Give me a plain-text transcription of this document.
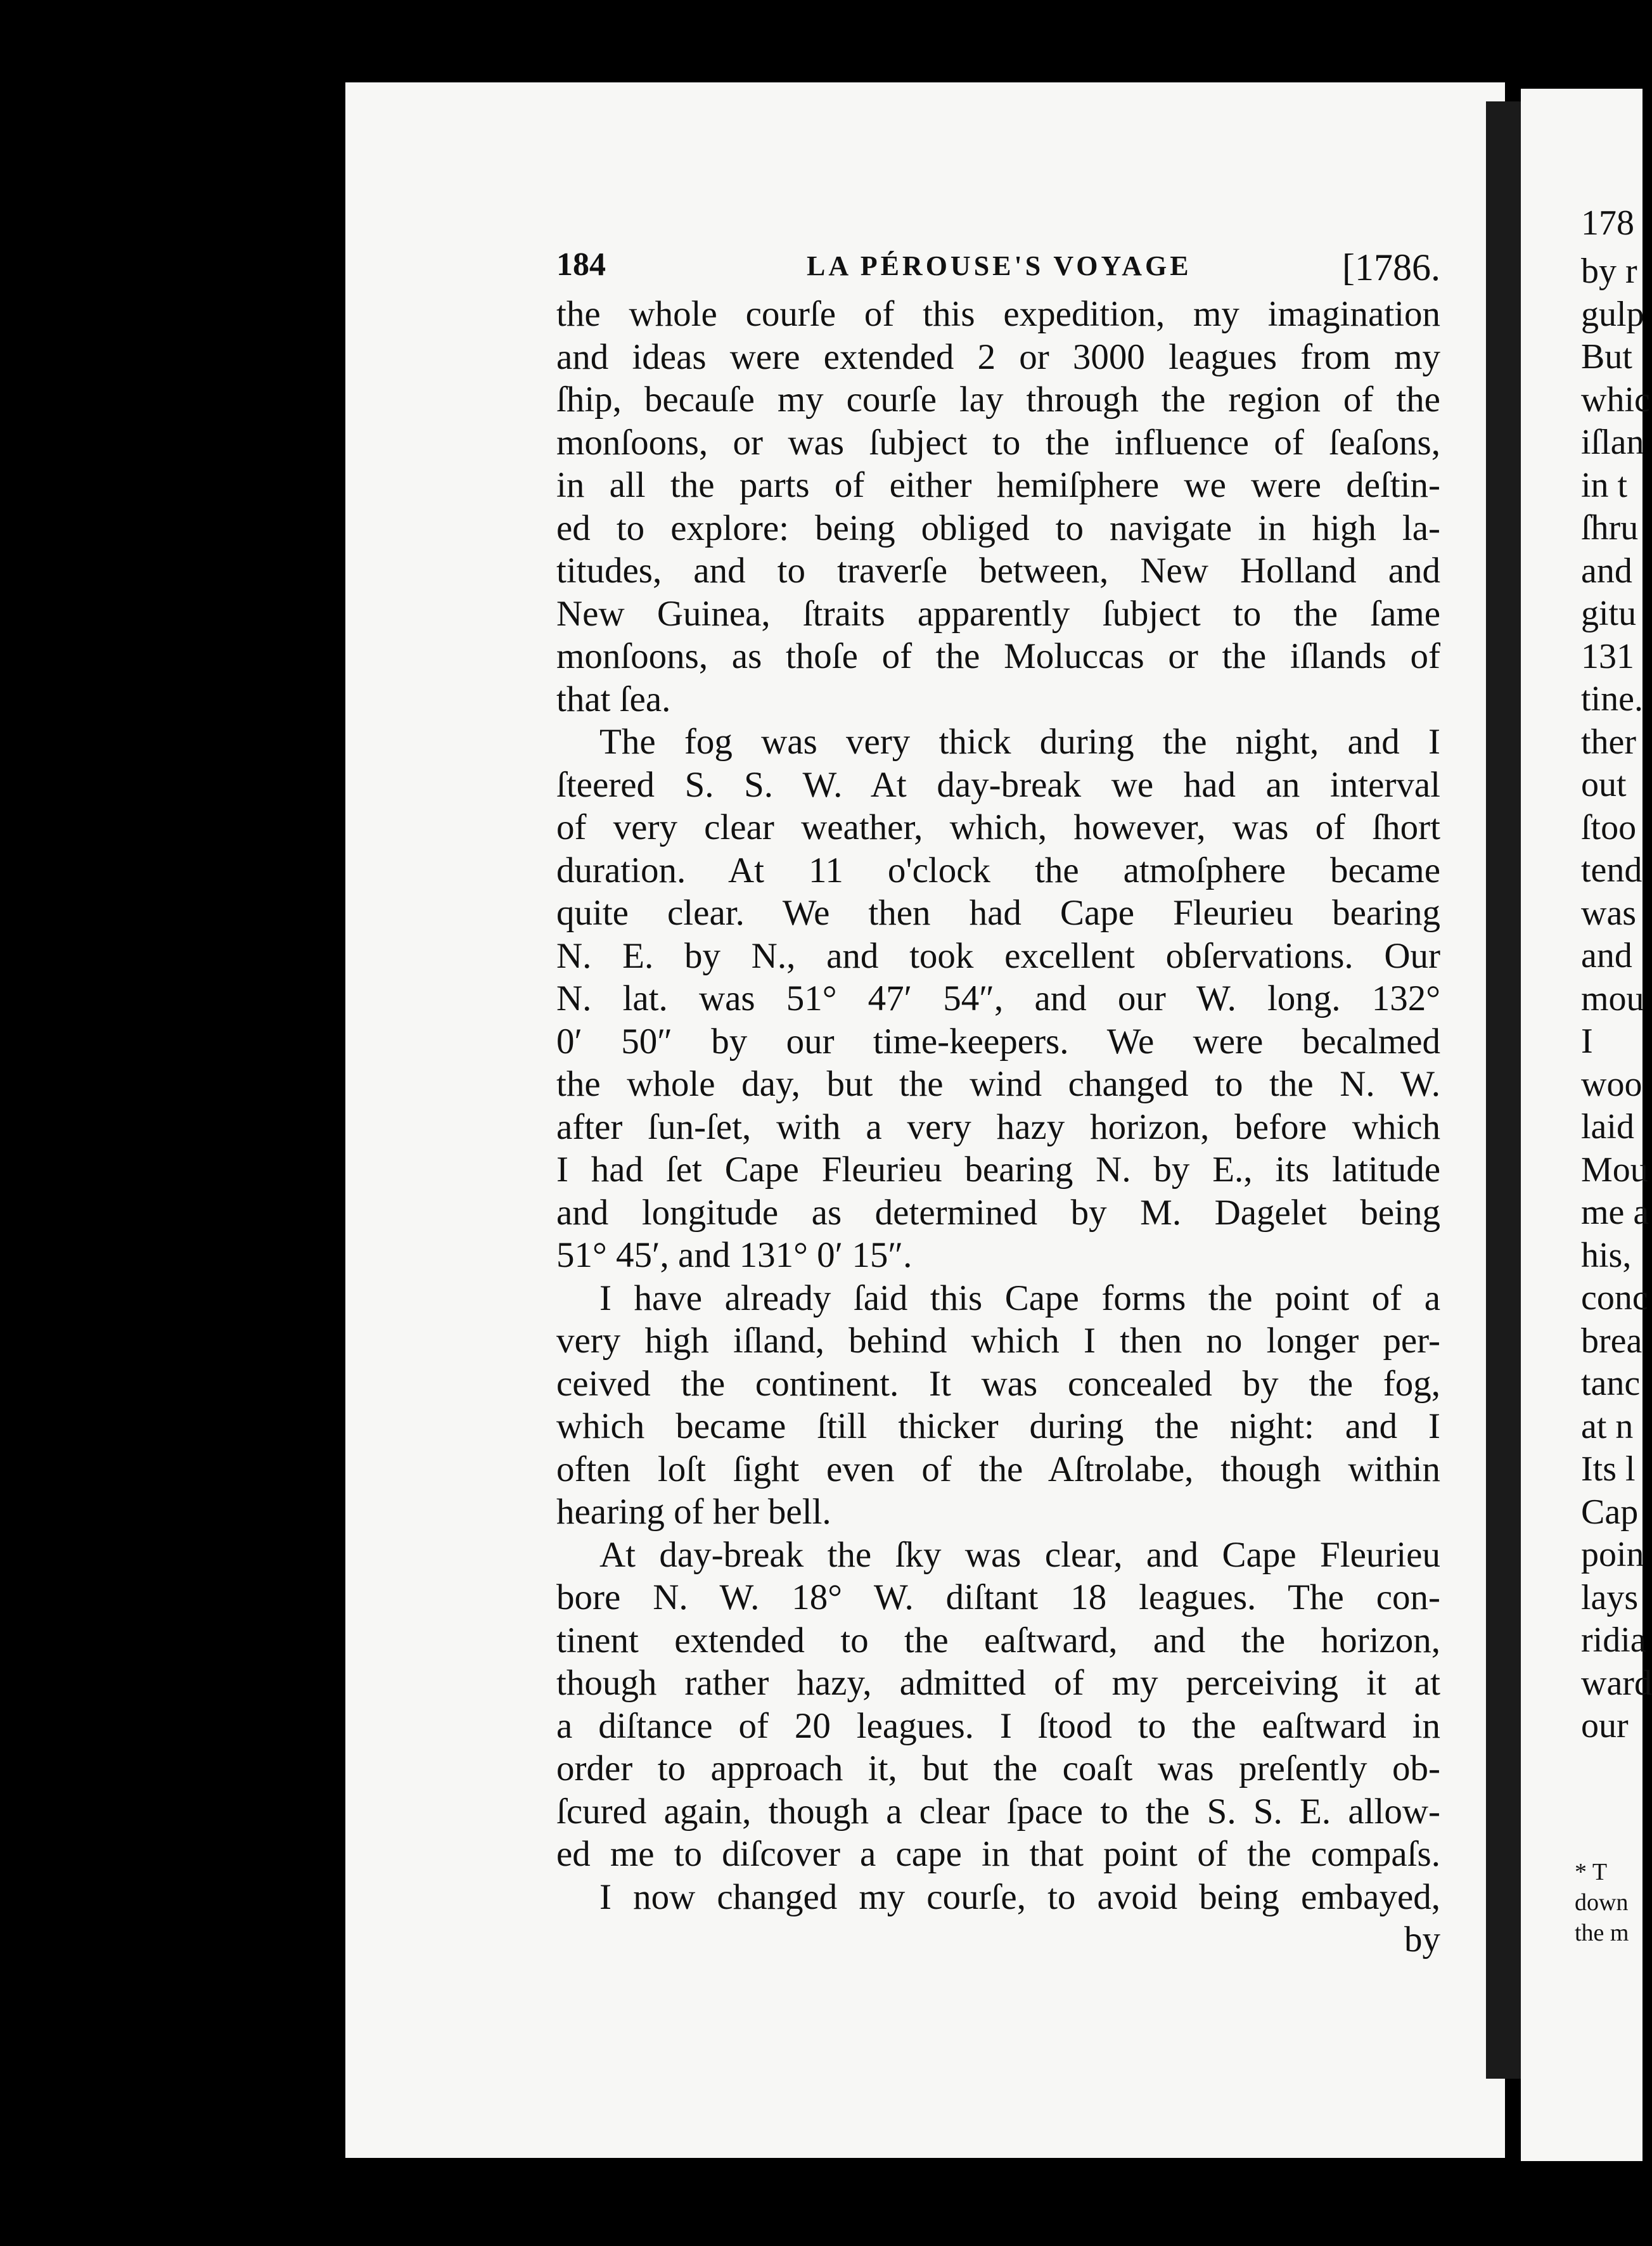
178
by r
gulp
But
whic
iſlan
in t
ſhru
and
gitu
131
tine.
ther
out
ſtoo
tend
was
and
mou
I
woo
laid
Mou
me a
his,
conc
brea
tanc
at n
Its l
Cap
poin
lays
ridia
ward
our
* T
down
the m
184	LA PÉROUSE'S VOYAGE	[1786.
the whole courſe of this expedition, my imagination
and ideas were extended 2 or 3000 leagues from my
ſhip, becauſe my courſe lay through the region of the
monſoons, or was ſubject to the influence of ſeaſons,
in all the parts of either hemiſphere we were deſtin-
ed to explore: being obliged to navigate in high la-
titudes, and to traverſe between, New Holland and
New Guinea, ſtraits apparently ſubject to the ſame
monſoons, as thoſe of the Moluccas or the iſlands of
that ſea.
The fog was very thick during the night, and I
ſteered S. S. W. At day-break we had an interval
of very clear weather, which, however, was of ſhort
duration. At 11 o'clock the atmoſphere became
quite clear. We then had Cape Fleurieu bearing
N. E. by N., and took excellent obſervations. Our
N. lat. was 51° 47′ 54″, and our W. long. 132°
0′ 50″ by our time-keepers. We were becalmed
the whole day, but the wind changed to the N. W.
after ſun-ſet, with a very hazy horizon, before which
I had ſet Cape Fleurieu bearing N. by E., its latitude
and longitude as determined by M. Dagelet being
51° 45′, and 131° 0′ 15″.
I have already ſaid this Cape forms the point of a
very high iſland, behind which I then no longer per-
ceived the continent. It was concealed by the fog,
which became ſtill thicker during the night: and I
often loſt ſight even of the Aſtrolabe, though within
hearing of her bell.
At day-break the ſky was clear, and Cape Fleurieu
bore N. W. 18° W. diſtant 18 leagues. The con-
tinent extended to the eaſtward, and the horizon,
though rather hazy, admitted of my perceiving it at
a diſtance of 20 leagues. I ſtood to the eaſtward in
order to approach it, but the coaſt was preſently ob-
ſcured again, though a clear ſpace to the S. S. E. allow-
ed me to diſcover a cape in that point of the compaſs.
I now changed my courſe, to avoid being embayed,
by
